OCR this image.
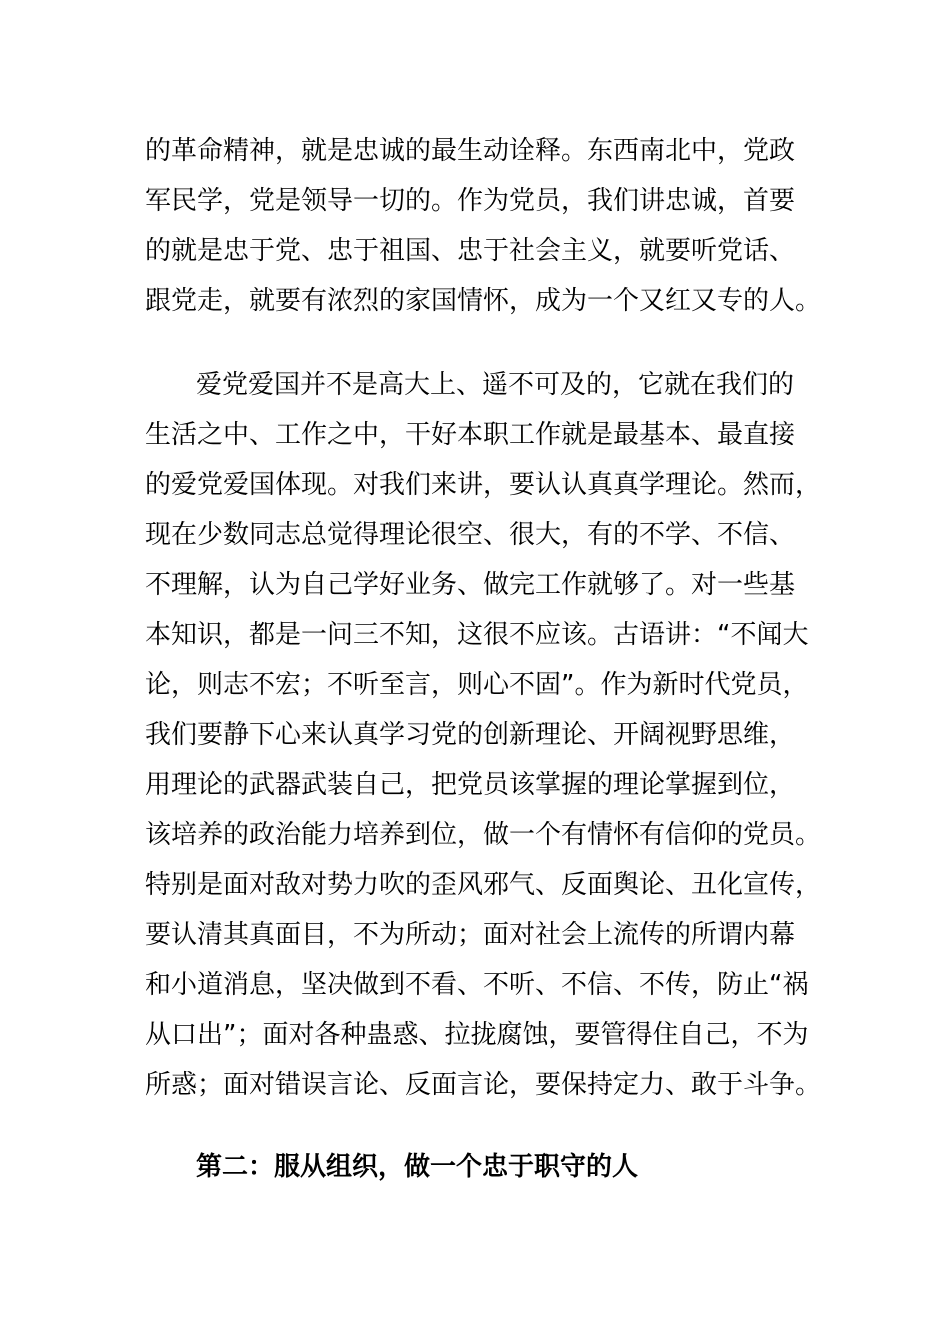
的革命精神，就是忠诚的最生动诠释。东西南北中，党政
军民学，党是领导一切的。作为党员，我们讲忠诚，首要
的就是忠于党、忠于祖国、忠于社会主义，就要听党话、
跟党走，就要有浓烈的家国情怀，成为一个又红又专的人。
爱党爱国并不是高大上、遥不可及的，它就在我们的
生活之中、工作之中，干好本职工作就是最基本、最直接
的爱党爱国体现。对我们来讲，要认认真真学理论。然而，
现在少数同志总觉得理论很空、很大，有的不学、不信、
不理解，认为自己学好业务、做完工作就够了。对一些基
本知识，都是一问三不知，这很不应该。古语讲：“不闻大
论，则志不宏；不听至言，则心不固”。作为新时代党员，
我们要静下心来认真学习党的创新理论、开阔视野思维，
用理论的武器武装自己，把党员该掌握的理论掌握到位，
该培养的政治能力培养到位，做一个有情怀有信仰的党员。
特别是面对敌对势力吹的歪风邪气、反面舆论、丑化宣传，
要认清其真面目，不为所动；面对社会上流传的所谓内幕
和小道消息，坚决做到不看、不听、不信、不传，防止“祸
从口出”；面对各种蛊惑、拉拢腐蚀，要管得住自己，不为
所惑；面对错误言论、反面言论，要保持定力、敢于斗争。
第二：服从组织，做一个忠于职守的人
